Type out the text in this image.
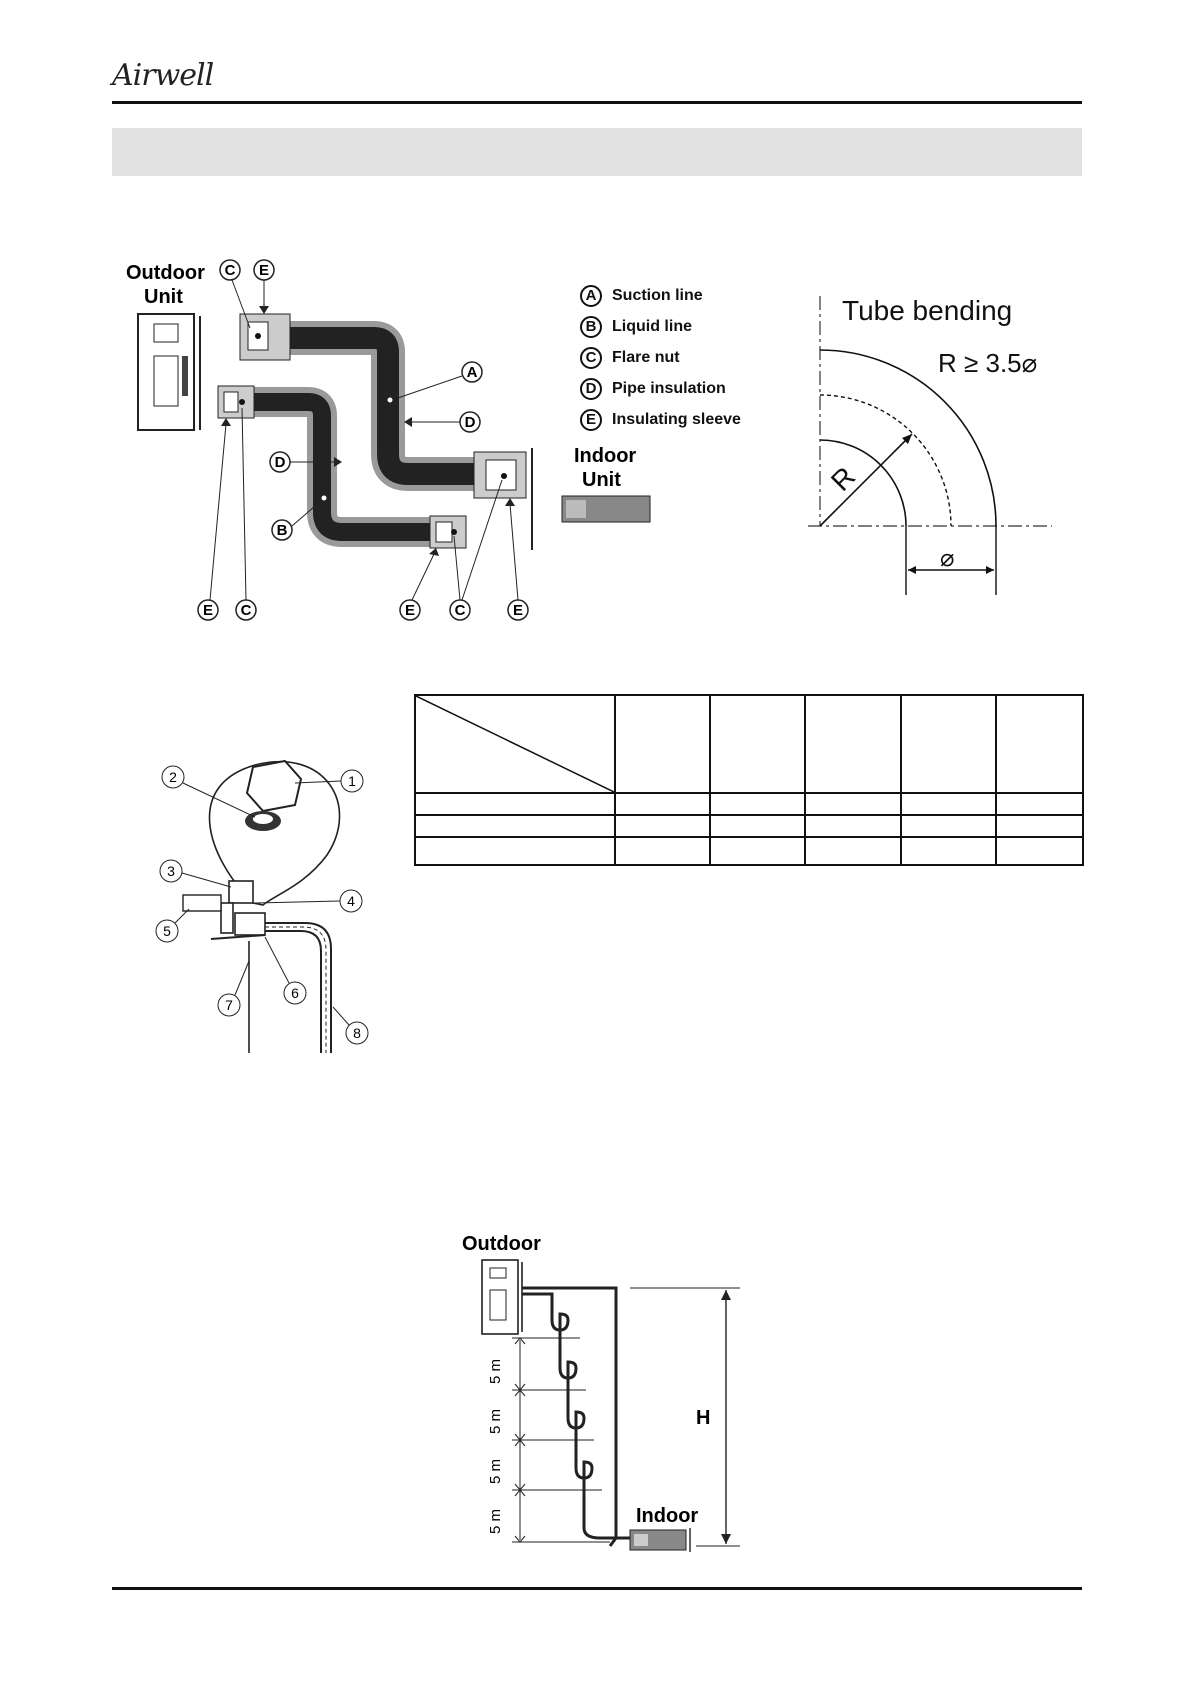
Airwell
Outdoor
Unit
Indoor
Unit
C E
A
D
D
B
E C	E	C	E
A Suction line
B Liquid line
C Flare nut
D Pipe insulation
E	Insulating sleeve
Tube bending
R ≥ 3.5⌀
R
⌀
1
2
3
4
5
6
7
8

Outdoor
5 m
5 m
5 m
5 m	Indoor
H
